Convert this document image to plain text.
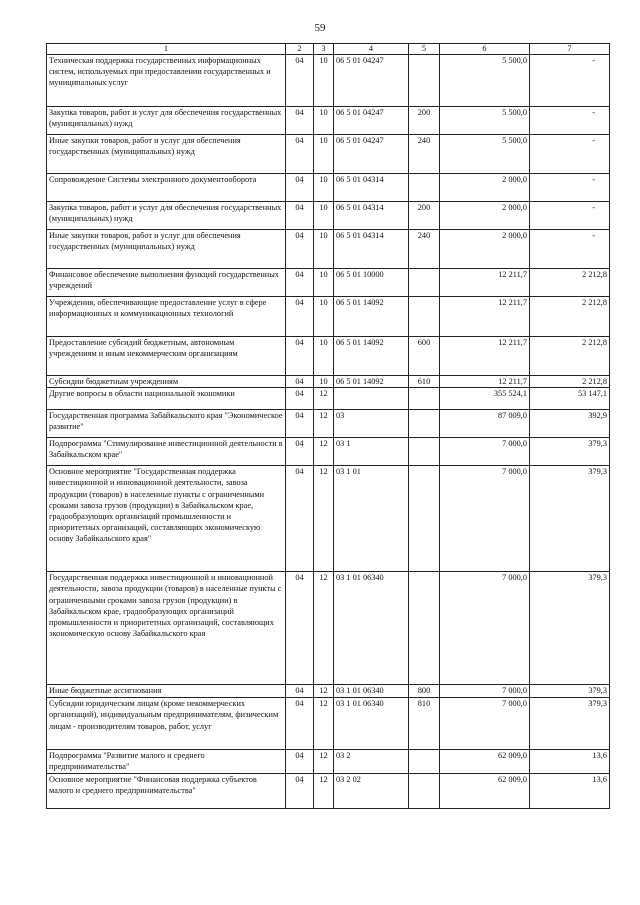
59
1	2	3	4	5	6	7
Техническая поддержка государственных информационных систем, используемых при предоставлении государственных и муниципальных услуг	04	10	06 5 01 04247		5 500,0	-
Закупка товаров, работ и услуг для обеспечения государственных (муниципальных) нужд	04	10	06 5 01 04247	200	5 500,0	-
Иные закупки товаров, работ и услуг для обеспечения государственных (муниципальных) нужд	04	10	06 5 01 04247	240	5 500,0	-
Сопровождение Системы электронного документооборота	04	10	06 5 01 04314		2 000,0	-
Закупка товаров, работ и услуг для обеспечения государственных (муниципальных) нужд	04	10	06 5 01 04314	200	2 000,0	-
Иные закупки товаров, работ и услуг для обеспечения государственных (муниципальных) нужд	04	10	06 5 01 04314	240	2 000,0	-
Финансовое обеспечение выполнения функций государственных учреждений	04	10	06 5 01 10000		12 211,7	2 212,8
Учреждения, обеспечивающие предоставление услуг в сфере информационных и коммуникационных технологий	04	10	06 5 01 14092		12 211,7	2 212,8
Предоставление субсидий бюджетным, автономным учреждениям и иным некоммерческим организациям	04	10	06 5 01 14092	600	12 211,7	2 212,8
Субсидии бюджетным учреждениям	04	10	06 5 01 14092	610	12 211,7	2 212,8
Другие вопросы в области национальной экономики	04	12			355 524,1	53 147,1
Государственная программа Забайкальского края "Экономическое развитие"	04	12	03		87 009,0	392,9
Подпрограмма "Стимулирование инвестиционной деятельности в Забайкальском крае"	04	12	03 1		7 000,0	379,3
Основное мероприятие "Государственная поддержка инвестиционной и инновационной деятельности, завоза продукции (товаров) в населенные пункты с ограниченными сроками завоза грузов (продукции) в Забайкальском крае, градообразующих организаций промышленности и приоритетных организаций, составляющих экономическую основу Забайкальского края"	04	12	03 1 01		7 000,0	379,3
Государственная поддержка инвестиционной и инновационной деятельности, завоза продукции (товаров) в населенные пункты с ограниченными сроками завоза грузов (продукции) в Забайкальском крае, градообразующих организаций промышленности и приоритетных организаций, составляющих экономическую основу Забайкальского края	04	12	03 1 01 06340		7 000,0	379,3
Иные бюджетные ассигнования	04	12	03 1 01 06340	800	7 000,0	379,3
Субсидии юридическим лицам (кроме некоммерческих организаций), индивидуальным предпринимателям, физическим лицам - производителям товаров, работ, услуг	04	12	03 1 01 06340	810	7 000,0	379,3
Подпрограмма "Развитие малого и среднего предпринимательства"	04	12	03 2		62 009,0	13,6
Основное мероприятие "Финансовая поддержка субъектов малого и среднего предпринимательства"	04	12	03 2 02		62 009,0	13,6
